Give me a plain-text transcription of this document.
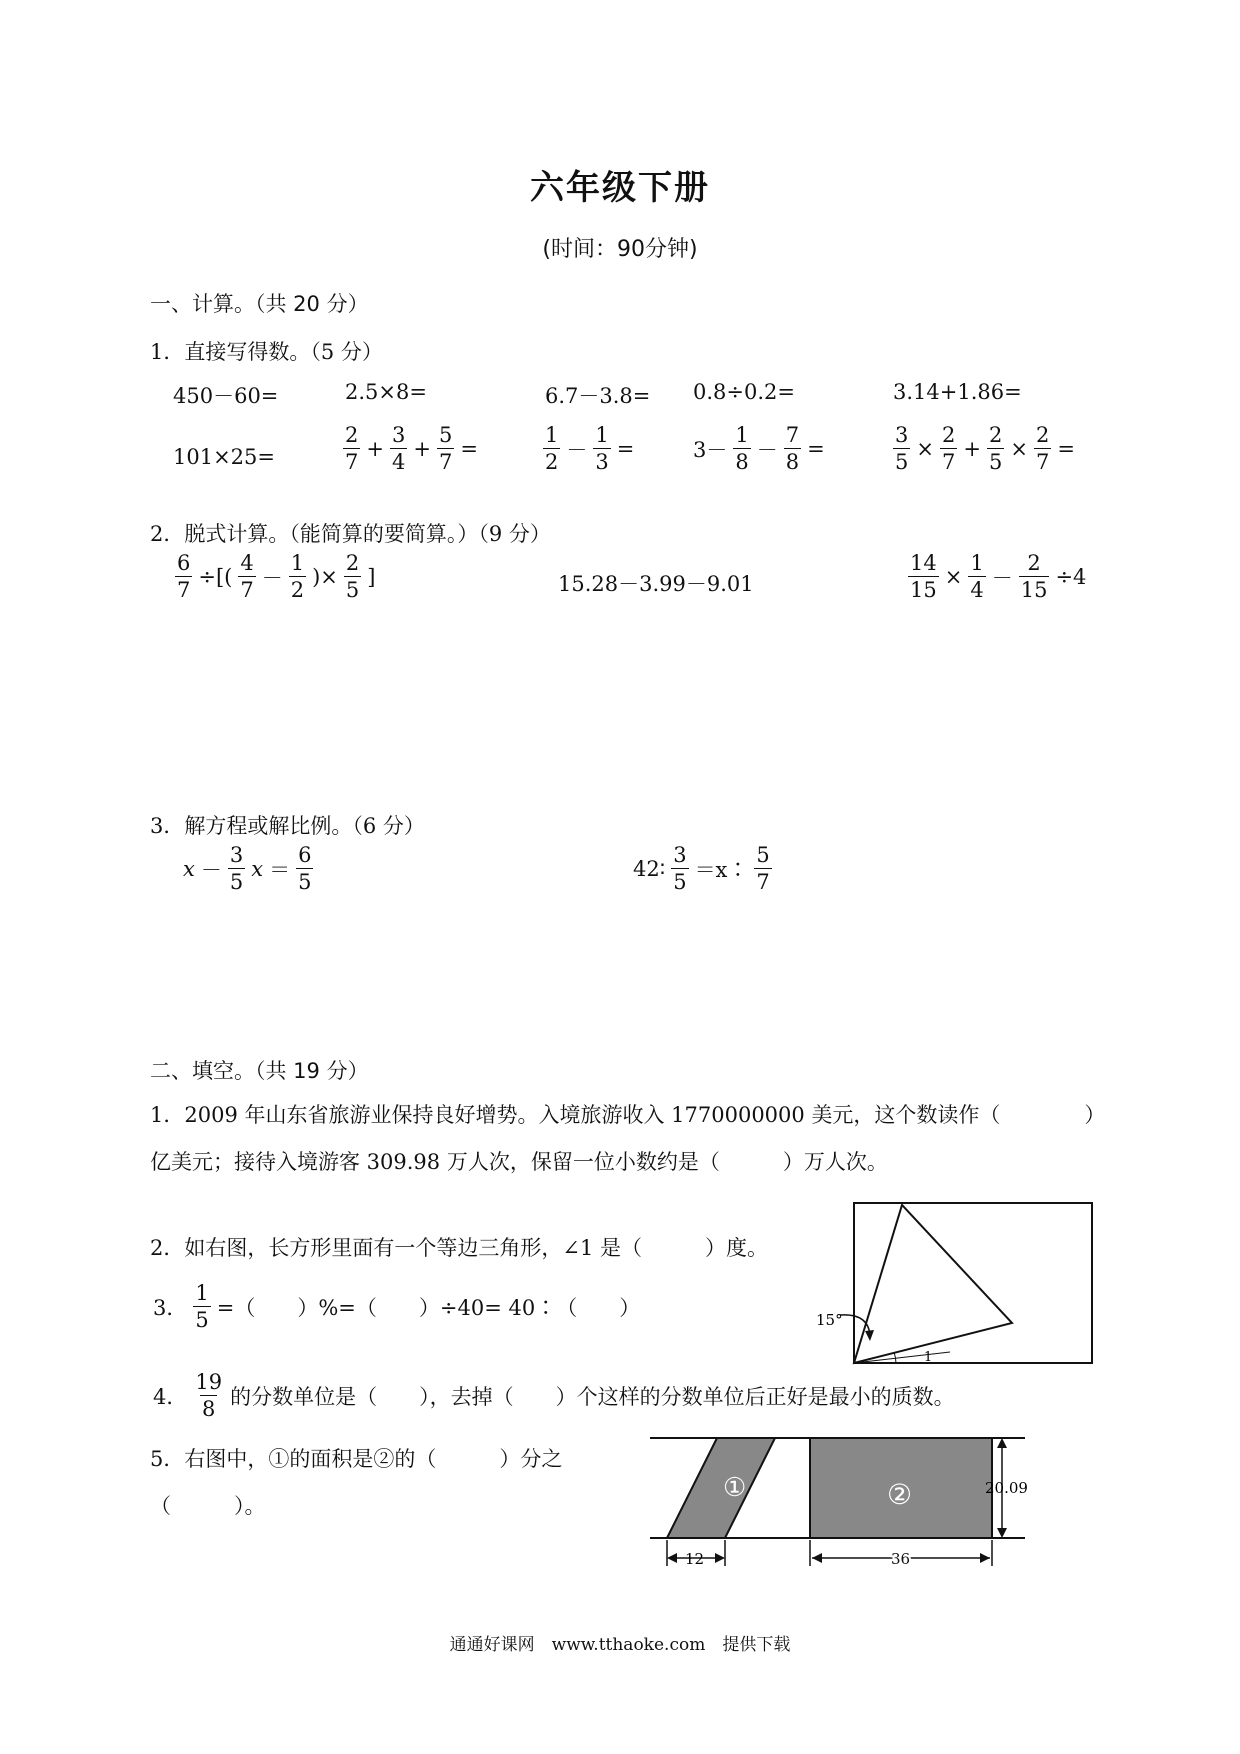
六年级下册
(时间：90分钟)
一、计算。（共 20 分）
1．直接写得数。（5 分）
450－60=	2.5×8=	6.7－3.8= 0.8÷0.2=	3.14+1.86=
101×25=	$\frac{2}{7} + \frac{3}{4} + \frac{5}{7}$ =	$\frac{1}{2} - \frac{1}{3}$ =	$3- \frac{1}{8} - \frac{7}{8}$ =	$\frac{3}{5} \times \frac{2}{7} + \frac{2}{5} \times \frac{2}{7}$ =
2．脱式计算。（能简算的要简算。）（9 分）
$\frac{6}{7}$ ÷[( $\frac{4}{7} - \frac{1}{2}$ )× $\frac{2}{5}$ ]	15.28－3.99－9.01	$\frac{14}{15} \times \frac{1}{4} - \frac{2}{15} \div 4$
3．解方程或解比例。（6 分）
$x - \frac{3}{5}$ $x = \frac{6}{5}$	42∶ $\frac{3}{5}$ ＝x∶ $\frac{5}{7}$
二、填空。（共 19 分）
1．2009 年山东省旅游业保持良好增势。入境旅游收入 1770000000 美元，这个数读作（　　　　）亿美元；接待入境游客 309.98 万人次，保留一位小数约是（　　　）万人次。
2．如右图，长方形里面有一个等边三角形，∠1 是（　　　）度。
3． $\frac{1}{5}$ =（　　）%=（　　）÷40= 40∶（　　）
4． $\frac{19}{8}$ 的分数单位是（　　），去掉（　　）个这样的分数单位后正好是最小的质数。
5．右图中，①的面积是②的（　　　）分之
（　　　）。
15°
1
①	②	20.09
12	36
通通好课网　www.tthaoke.com　提供下载
